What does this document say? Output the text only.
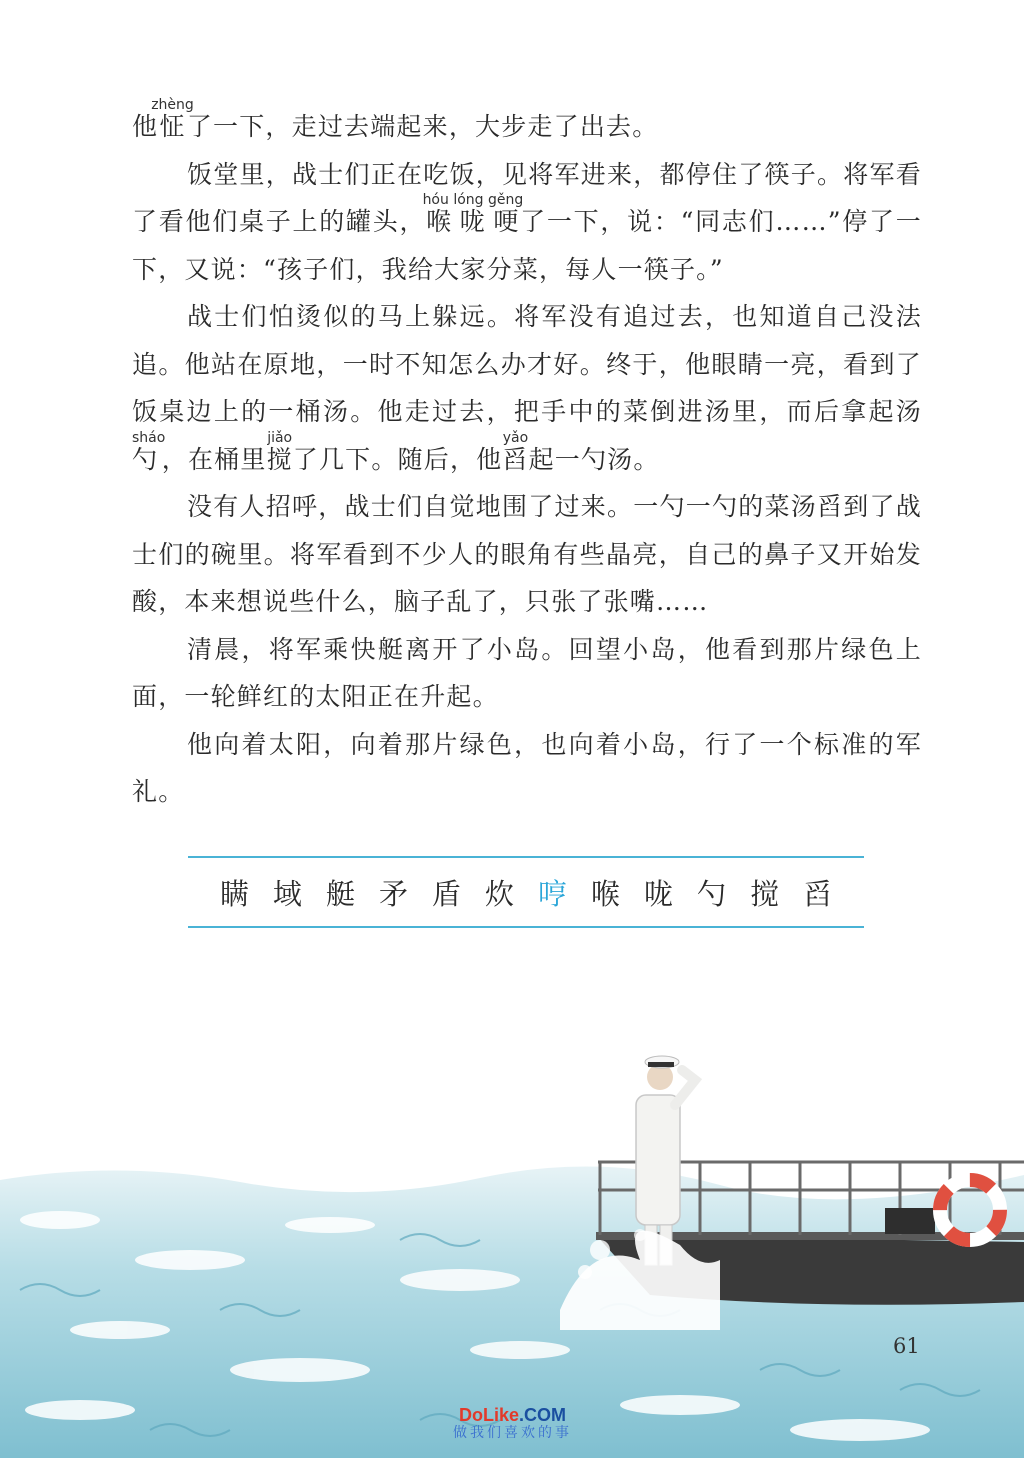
他怔zhèng了一下，走过去端起来，大步走了出去。

饭堂里，战士们正在吃饭，见将军进来，都停住了筷子。将军看了看他们桌子上的罐头，喉咙哽hóu lóng gěng了一下，说：“同志们……”停了一下，又说：“孩子们，我给大家分菜，每人一筷子。”

战士们怕烫似的马上躲远。将军没有追过去，也知道自己没法追。他站在原地，一时不知怎么办才好。终于，他眼睛一亮，看到了饭桌边上的一桶汤。他走过去，把手中的菜倒进汤里，而后拿起汤勺sháo，在桶里搅jiǎo了几下。随后，他舀yǎo起一勺汤。

没有人招呼，战士们自觉地围了过来。一勺一勺的菜汤舀到了战士们的碗里。将军看到不少人的眼角有些晶亮，自己的鼻子又开始发酸，本来想说些什么，脑子乱了，只张了张嘴……

清晨，将军乘快艇离开了小岛。回望小岛，他看到那片绿色上面，一轮鲜红的太阳正在升起。

他向着太阳，向着那片绿色，也向着小岛，行了一个标准的军礼。

瞒 域 艇 矛 盾 炊 哼 喉 咙 勺 搅 舀
61
DoLike.COM
做我们喜欢的事
